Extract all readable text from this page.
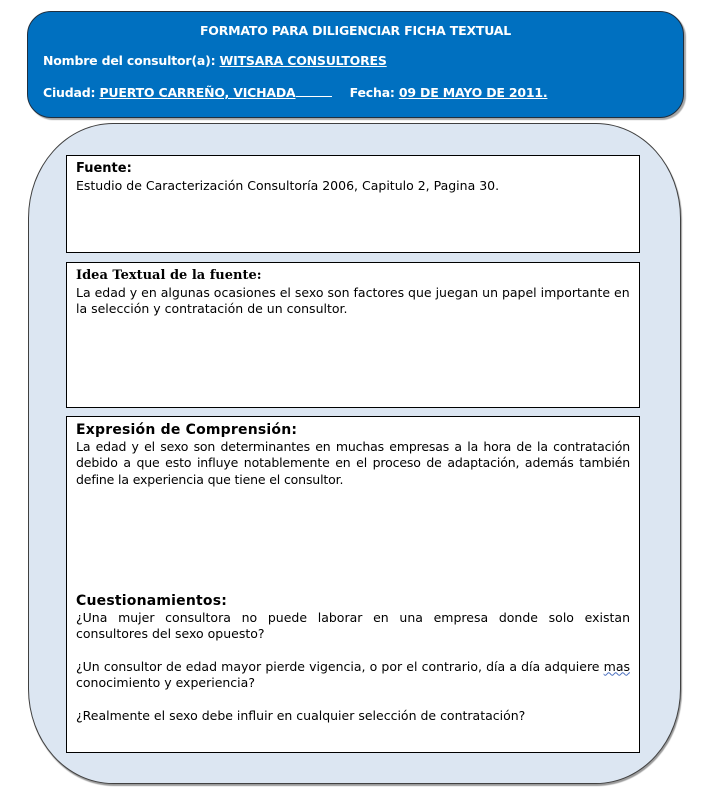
FORMATO PARA DILIGENCIAR FICHA TEXTUAL
Nombre del consultor(a): WITSARA CONSULTORES
Ciudad: PUERTO CARREÑO, VICHADA	Fecha: 09 DE MAYO DE 2011.
Fuente:
Estudio de Caracterización Consultoría 2006, Capitulo 2, Pagina 30.
Idea Textual de la fuente:
La edad y en algunas ocasiones el sexo son factores que juegan un papel importante en la selección y contratación de un consultor.
Expresión de Comprensión:
La edad y el sexo son determinantes en muchas empresas a la hora de la contratación debido a que esto influye notablemente en el proceso de adaptación, además también define la experiencia que tiene el consultor.
Cuestionamientos:
¿Una mujer consultora no puede laborar en una empresa donde solo existan consultores del sexo opuesto?
¿Un consultor de edad mayor pierde vigencia, o por el contrario, día a día adquiere mas conocimiento y experiencia?
¿Realmente el sexo debe influir en cualquier selección de contratación?
